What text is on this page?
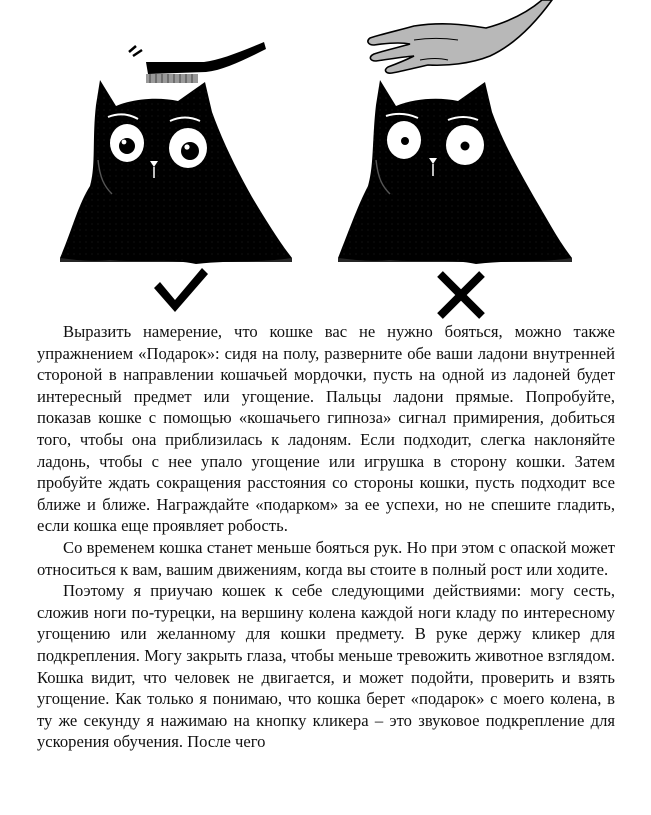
Выразить намерение, что кошке вас не нужно бояться, можно также упражнением «Подарок»: сидя на полу, разверните обе ваши ладони внутренней стороной в направлении кошачьей мордочки, пусть на одной из ладоней будет интересный предмет или угощение. Пальцы ладони прямые. Попробуйте, показав кошке с помощью «кошачьего гипноза» сигнал примирения, добиться того, чтобы она приблизилась к ладоням. Если подходит, слегка наклоняйте ладонь, чтобы с нее упало угощение или игрушка в сторону кошки. Затем пробуйте ждать сокращения расстояния со стороны кошки, пусть подходит все ближе и ближе. Награждайте «подарком» за ее успехи, но не спешите гладить, если кошка еще проявляет робость.

Со временем кошка станет меньше бояться рук. Но при этом с опаской может относиться к вам, вашим движениям, когда вы стоите в полный рост или ходите.

Поэтому я приучаю кошек к себе следующими действиями: могу сесть, сложив ноги по-турецки, на вершину колена каждой ноги кладу по интересному угощению или желанному для кошки предмету. В руке держу кликер для подкрепления. Могу закрыть глаза, чтобы меньше тревожить животное взглядом. Кошка видит, что человек не двигается, и может подойти, проверить и взять угощение. Как только я понимаю, что кошка берет «подарок» с моего колена, в ту же секунду я нажимаю на кнопку кликера – это звуковое подкрепление для ускорения обучения. После чего
